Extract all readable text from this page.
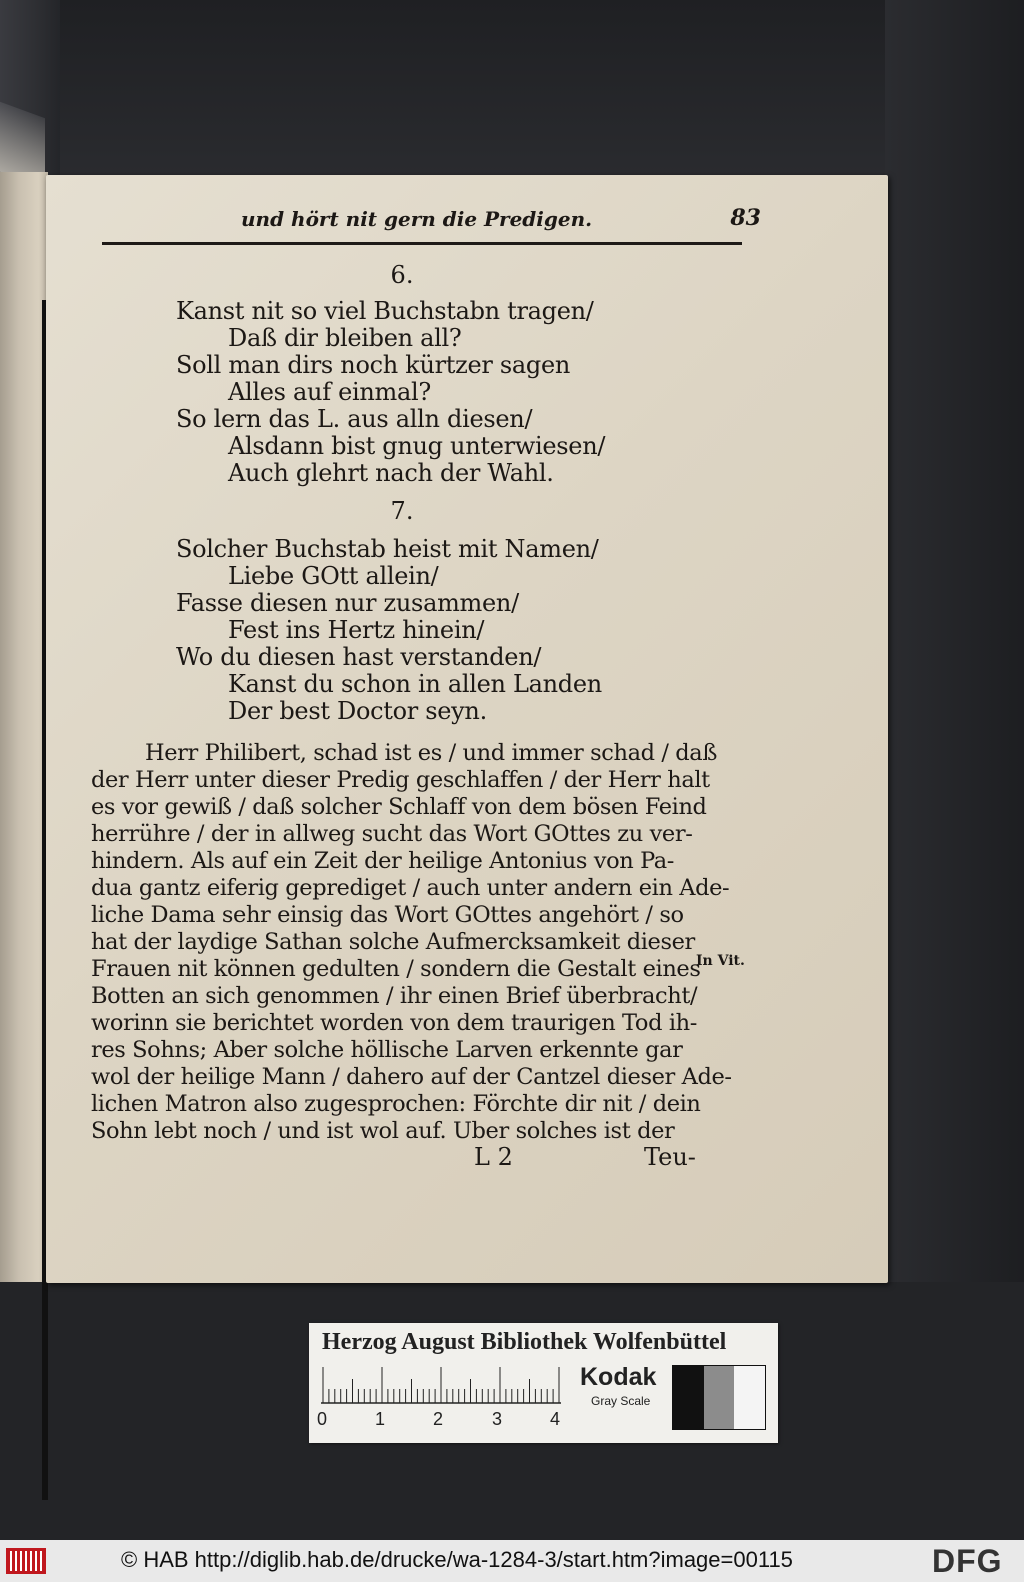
und hört nit gern die Predigen.	83
6.
Kanst nit so viel Buchstabn tragen/
Daß dir bleiben all?
Soll man dirs noch kürtzer sagen
Alles auf einmal?
So lern das L. aus alln diesen/
Alsdann bist gnug unterwiesen/
Auch glehrt nach der Wahl.
7.
Solcher Buchstab heist mit Namen/
Liebe GOtt allein/
Fasse diesen nur zusammen/
Fest ins Hertz hinein/
Wo du diesen hast verstanden/
Kanst du schon in allen Landen
Der best Doctor seyn.
Herr Philibert, schad ist es / und immer schad / daß
der Herr unter dieser Predig geschlaffen / der Herr halt
es vor gewiß / daß solcher Schlaff von dem bösen Feind
herrühre / der in allweg sucht das Wort GOttes zu ver-
hindern. Als auf ein Zeit der heilige Antonius von Pa-
dua gantz eiferig geprediget / auch unter andern ein Ade-
liche Dama sehr einsig das Wort GOttes angehört / so
hat der laydige Sathan solche Aufmercksamkeit dieser
Frauen nit können gedulten / sondern die Gestalt eines
Botten an sich genommen / ihr einen Brief überbracht/
worinn sie berichtet worden von dem traurigen Tod ih-
res Sohns; Aber solche höllische Larven erkennte gar
wol der heilige Mann / dahero auf der Cantzel dieser Ade-
lichen Matron also zugesprochen: Förchte dir nit / dein
Sohn lebt noch / und ist wol auf. Uber solches ist der
In Vit.
L 2	Teu-
Herzog August Bibliothek Wolfenbüttel
0	1	2	3	4
Kodak
Gray Scale
© HAB http://diglib.hab.de/drucke/wa-1284-3/start.htm?image=00115	DFG
